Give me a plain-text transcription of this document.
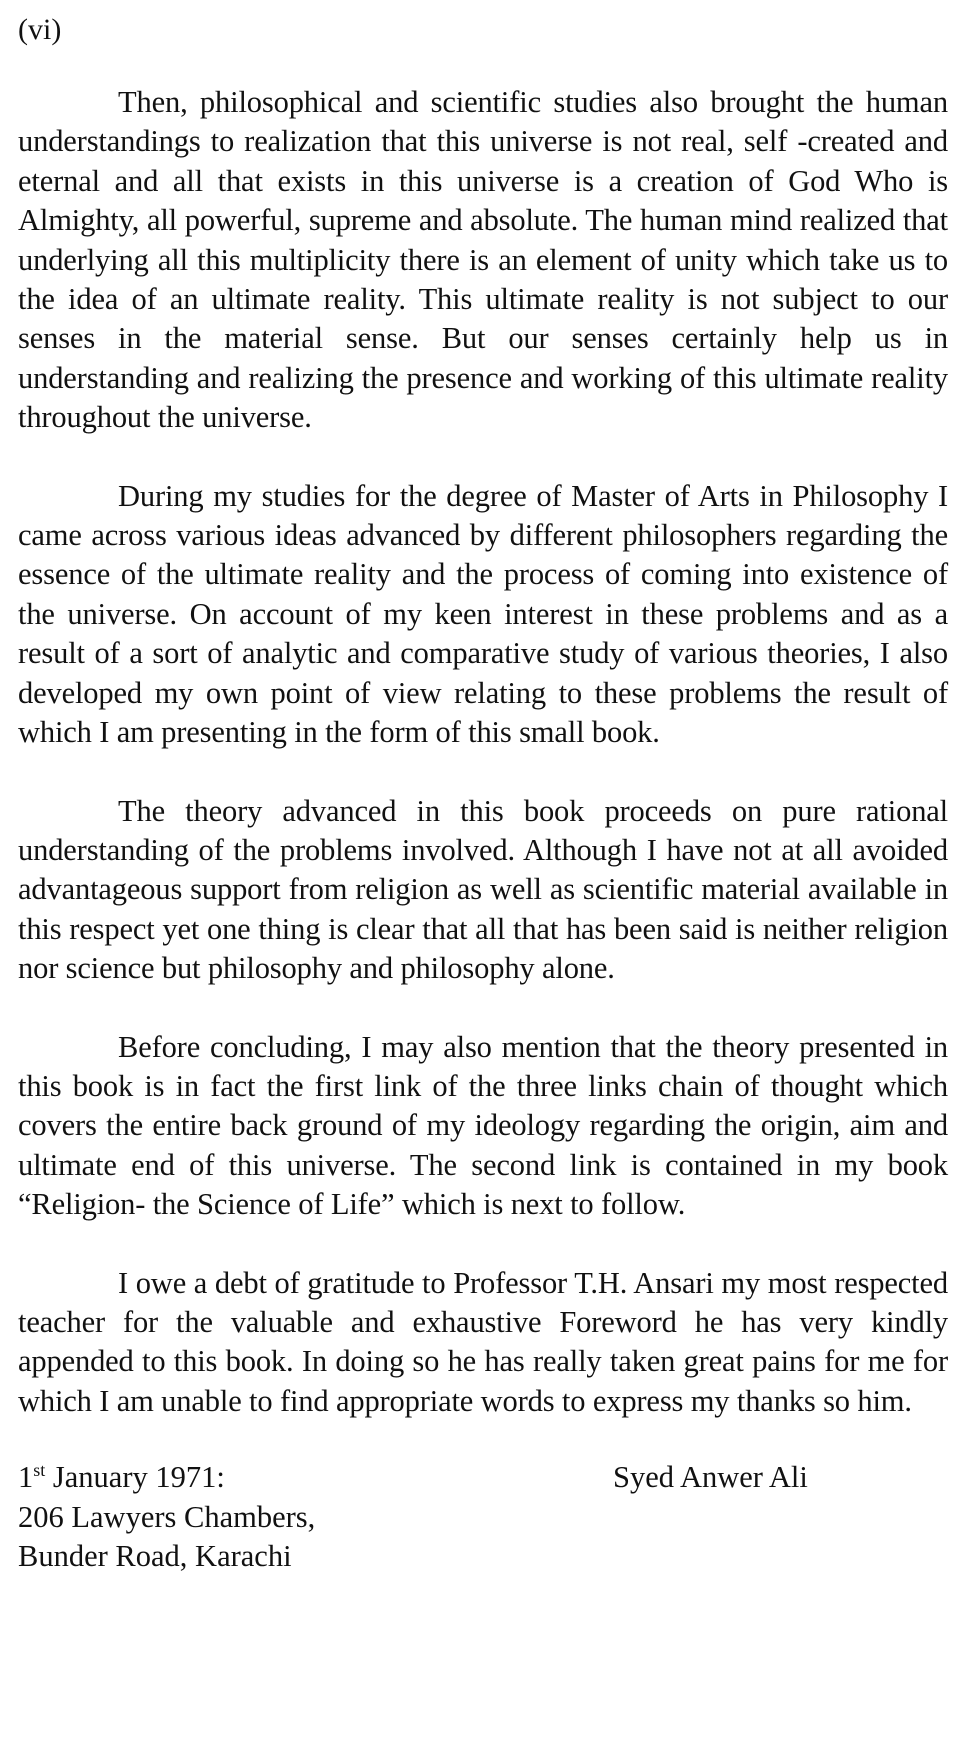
(vi)

Then, philosophical and scientific studies also brought the human understandings to realization that this universe is not real, self -created and eternal and all that exists in this universe is a creation of God Who is Almighty, all powerful, supreme and absolute. The human mind realized that underlying all this multiplicity there is an element of unity which take us to the idea of an ultimate reality. This ultimate reality is not subject to our senses in the material sense. But our senses certainly help us in understanding and realizing the presence and working of this ultimate reality throughout the universe.

During my studies for the degree of Master of Arts in Philosophy I came across various ideas advanced by different philosophers regarding the essence of the ultimate reality and the process of coming into existence of the universe. On account of my keen interest in these problems and as a result of a sort of analytic and comparative study of various theories, I also developed my own point of view relating to these problems the result of which I am presenting in the form of this small book.

The theory advanced in this book proceeds on pure rational understanding of the problems involved. Although I have not at all avoided advantageous support from religion as well as scientific material available in this respect yet one thing is clear that all that has been said is neither religion nor science but philosophy and philosophy alone.

Before concluding, I may also mention that the theory presented in this book is in fact the first link of the three links chain of thought which covers the entire back ground of my ideology regarding the origin, aim and ultimate end of this universe. The second link is contained in my book “Religion- the Science of Life” which is next to follow.

I owe a debt of gratitude to Professor T.H. Ansari my most respected teacher for the valuable and exhaustive Foreword he has very kindly appended to this book. In doing so he has really taken great pains for me for which I am unable to find appropriate words to express my thanks so him.

1st January 1971:
206 Lawyers Chambers,
Bunder Road, Karachi
Syed Anwer Ali
